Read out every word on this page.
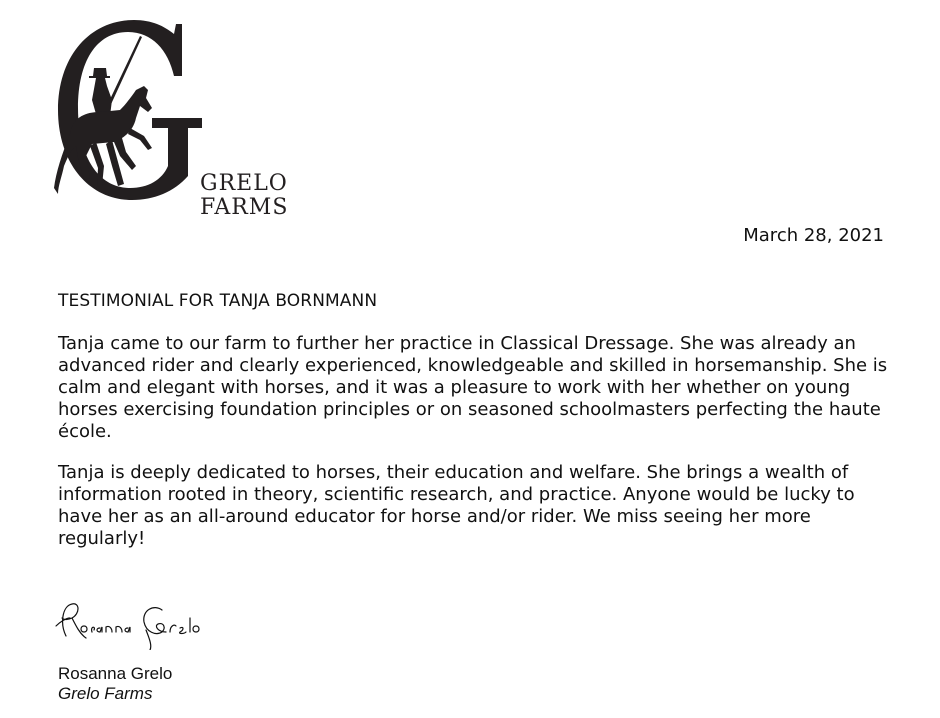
GRELO
FARMS
March 28, 2021
TESTIMONIAL FOR TANJA BORNMANN
Tanja came to our farm to further her practice in Classical Dressage. She was already an advanced rider and clearly experienced, knowledgeable and skilled in horsemanship. She is calm and elegant with horses, and it was a pleasure to work with her whether on young horses exercising foundation principles or on seasoned schoolmasters perfecting the haute école.
Tanja is deeply dedicated to horses, their education and welfare. She brings a wealth of information rooted in theory, scientific research, and practice. Anyone would be lucky to have her as an all-around educator for horse and/or rider. We miss seeing her more regularly!
Rosanna Grelo
Grelo Farms
